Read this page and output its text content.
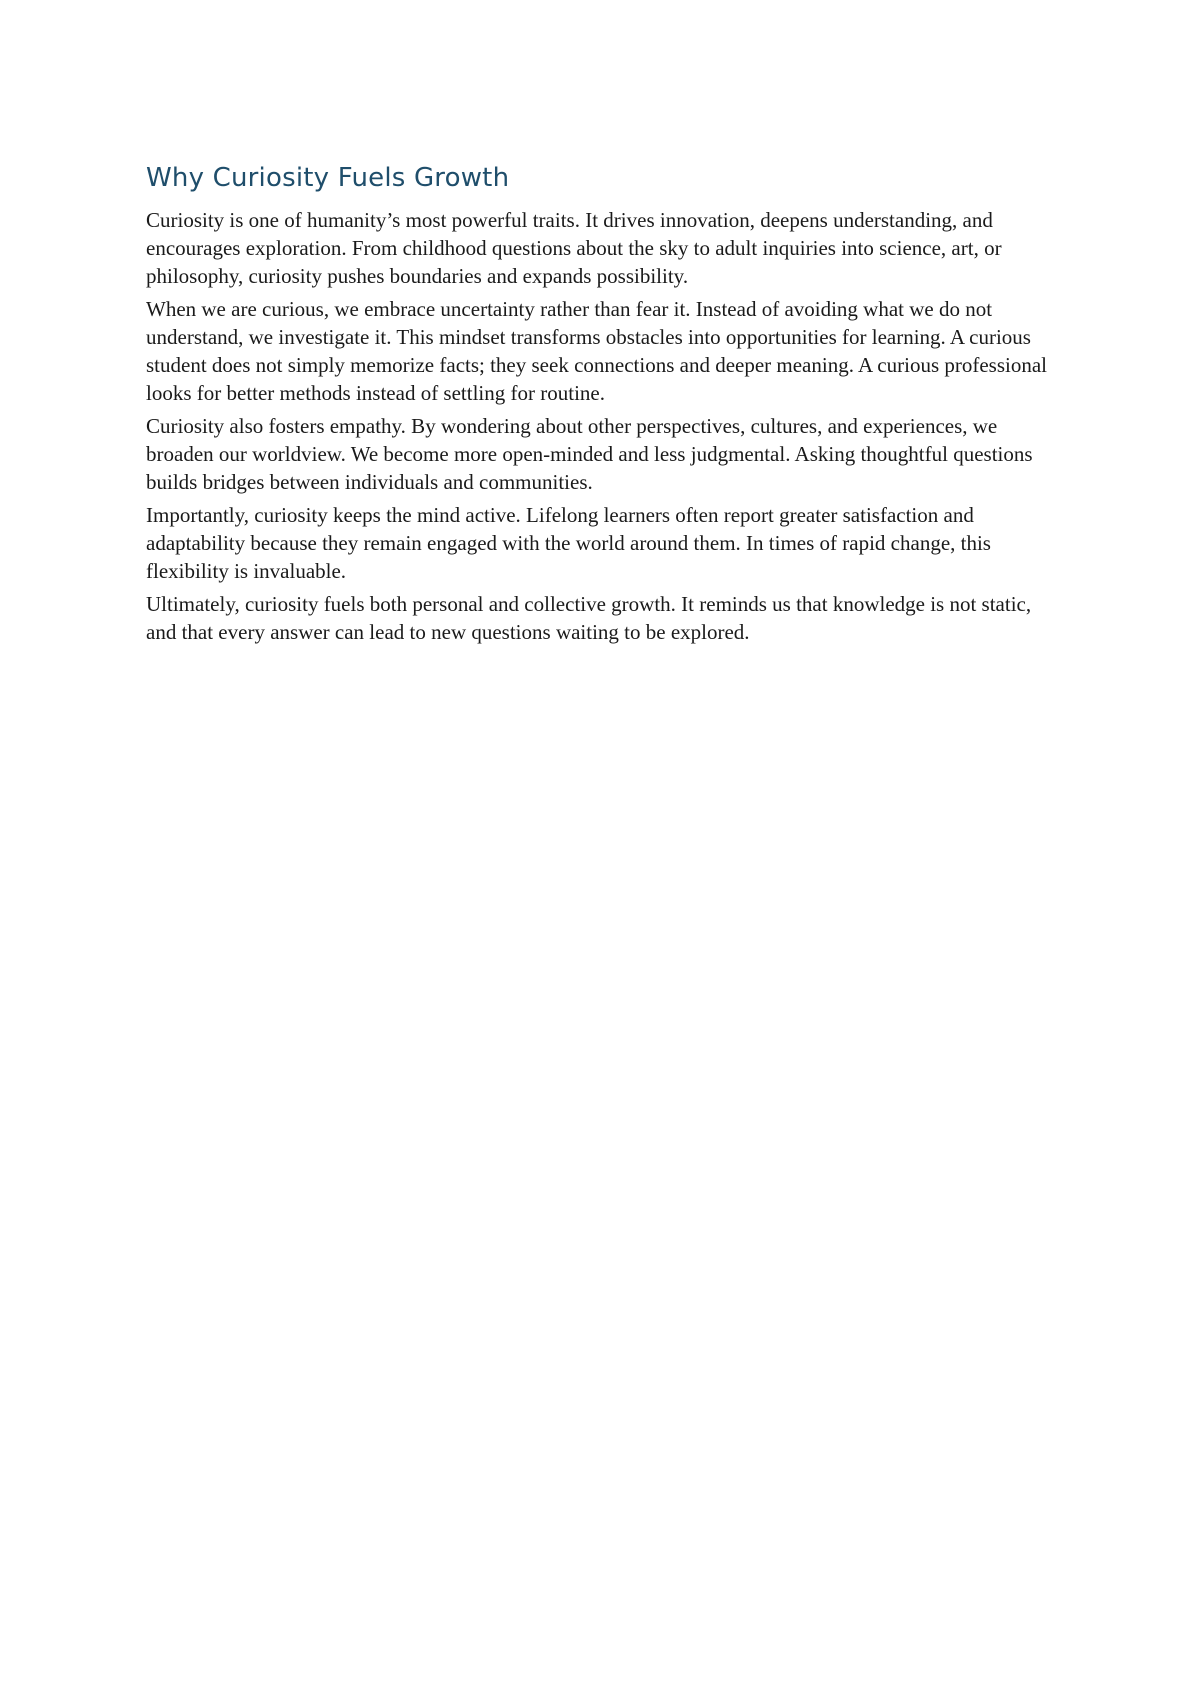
Why Curiosity Fuels Growth

Curiosity is one of humanity’s most powerful traits. It drives innovation, deepens understanding, and encourages exploration. From childhood questions about the sky to adult inquiries into science, art, or philosophy, curiosity pushes boundaries and expands possibility.

When we are curious, we embrace uncertainty rather than fear it. Instead of avoiding what we do not understand, we investigate it. This mindset transforms obstacles into opportunities for learning. A curious student does not simply memorize facts; they seek connections and deeper meaning. A curious professional looks for better methods instead of settling for routine.

Curiosity also fosters empathy. By wondering about other perspectives, cultures, and experiences, we broaden our worldview. We become more open-minded and less judgmental. Asking thoughtful questions builds bridges between individuals and communities.

Importantly, curiosity keeps the mind active. Lifelong learners often report greater satisfaction and adaptability because they remain engaged with the world around them. In times of rapid change, this flexibility is invaluable.

Ultimately, curiosity fuels both personal and collective growth. It reminds us that knowledge is not static, and that every answer can lead to new questions waiting to be explored.
